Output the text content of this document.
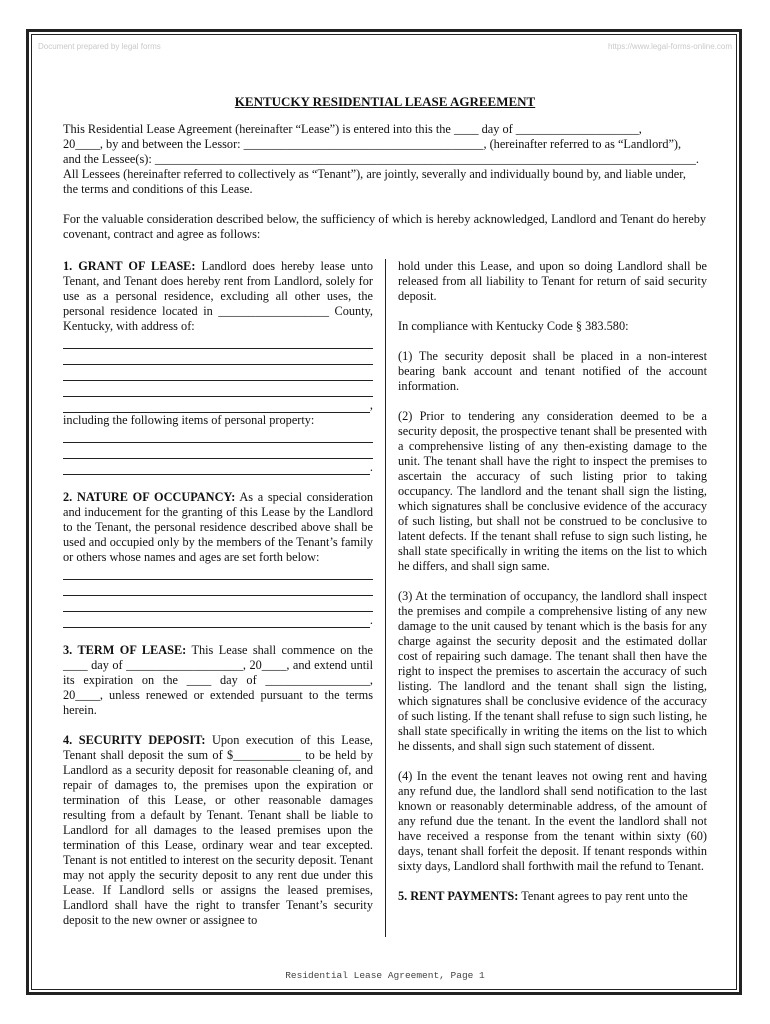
Document prepared by legal forms	https://www.legal-forms-online.com
KENTUCKY RESIDENTIAL LEASE AGREEMENT

This Residential Lease Agreement (hereinafter “Lease”) is entered into this the ____ day of ____________________,

20____, by and between the Lessor: _______________________________________, (hereinafter referred to as “Landlord”),

and the Lessee(s): ________________________________________________________________________________________.

All Lessees (hereinafter referred to collectively as “Tenant”), are jointly, severally and individually bound by, and liable under,

the terms and conditions of this Lease.

For the valuable consideration described below, the sufficiency of which is hereby acknowledged, Landlord and Tenant do hereby covenant, contract and agree as follows:

1. GRANT OF LEASE: Landlord does hereby lease unto Tenant, and Tenant does hereby rent from Landlord, solely for use as a personal residence, excluding all other uses, the personal residence located in __________________ County, Kentucky, with address of:

,

including the following items of personal property:

.

2. NATURE OF OCCUPANCY: As a special consideration and inducement for the granting of this Lease by the Landlord to the Tenant, the personal residence described above shall be used and occupied only by the members of the Tenant’s family or others whose names and ages are set forth below:

.

3. TERM OF LEASE: This Lease shall commence on the ____ day of ___________________, 20____, and extend until its expiration on the ____ day of _________________, 20____, unless renewed or extended pursuant to the terms herein.

4. SECURITY DEPOSIT: Upon execution of this Lease, Tenant shall deposit the sum of $___________ to be held by Landlord as a security deposit for reasonable cleaning of, and repair of damages to, the premises upon the expiration or termination of this Lease, or other reasonable damages resulting from a default by Tenant. Tenant shall be liable to Landlord for all damages to the leased premises upon the termination of this Lease, ordinary wear and tear excepted. Tenant is not entitled to interest on the security deposit. Tenant may not apply the security deposit to any rent due under this Lease. If Landlord sells or assigns the leased premises, Landlord shall have the right to transfer Tenant’s security deposit to the new owner or assignee to

hold under this Lease, and upon so doing Landlord shall be released from all liability to Tenant for return of said security deposit.

In compliance with Kentucky Code § 383.580:

(1) The security deposit shall be placed in a non-interest bearing bank account and tenant notified of the account information.

(2) Prior to tendering any consideration deemed to be a security deposit, the prospective tenant shall be presented with a comprehensive listing of any then-existing damage to the unit. The tenant shall have the right to inspect the premises to ascertain the accuracy of such listing prior to taking occupancy. The landlord and the tenant shall sign the listing, which signatures shall be conclusive evidence of the accuracy of such listing, but shall not be construed to be conclusive to latent defects. If the tenant shall refuse to sign such listing, he shall state specifically in writing the items on the list to which he differs, and shall sign same.

(3) At the termination of occupancy, the landlord shall inspect the premises and compile a comprehensive listing of any new damage to the unit caused by tenant which is the basis for any charge against the security deposit and the estimated dollar cost of repairing such damage. The tenant shall then have the right to inspect the premises to ascertain the accuracy of such listing. The landlord and the tenant shall sign the listing, which signatures shall be conclusive evidence of the accuracy of such listing. If the tenant shall refuse to sign such listing, he shall state specifically in writing the items on the list to which he dissents, and shall sign such statement of dissent.

(4) In the event the tenant leaves not owing rent and having any refund due, the landlord shall send notification to the last known or reasonably determinable address, of the amount of any refund due the tenant. In the event the landlord shall not have received a response from the tenant within sixty (60) days, tenant shall forfeit the deposit. If tenant responds within sixty days, Landlord shall forthwith mail the refund to Tenant.

5. RENT PAYMENTS: Tenant agrees to pay rent unto the

Residential Lease Agreement, Page 1
